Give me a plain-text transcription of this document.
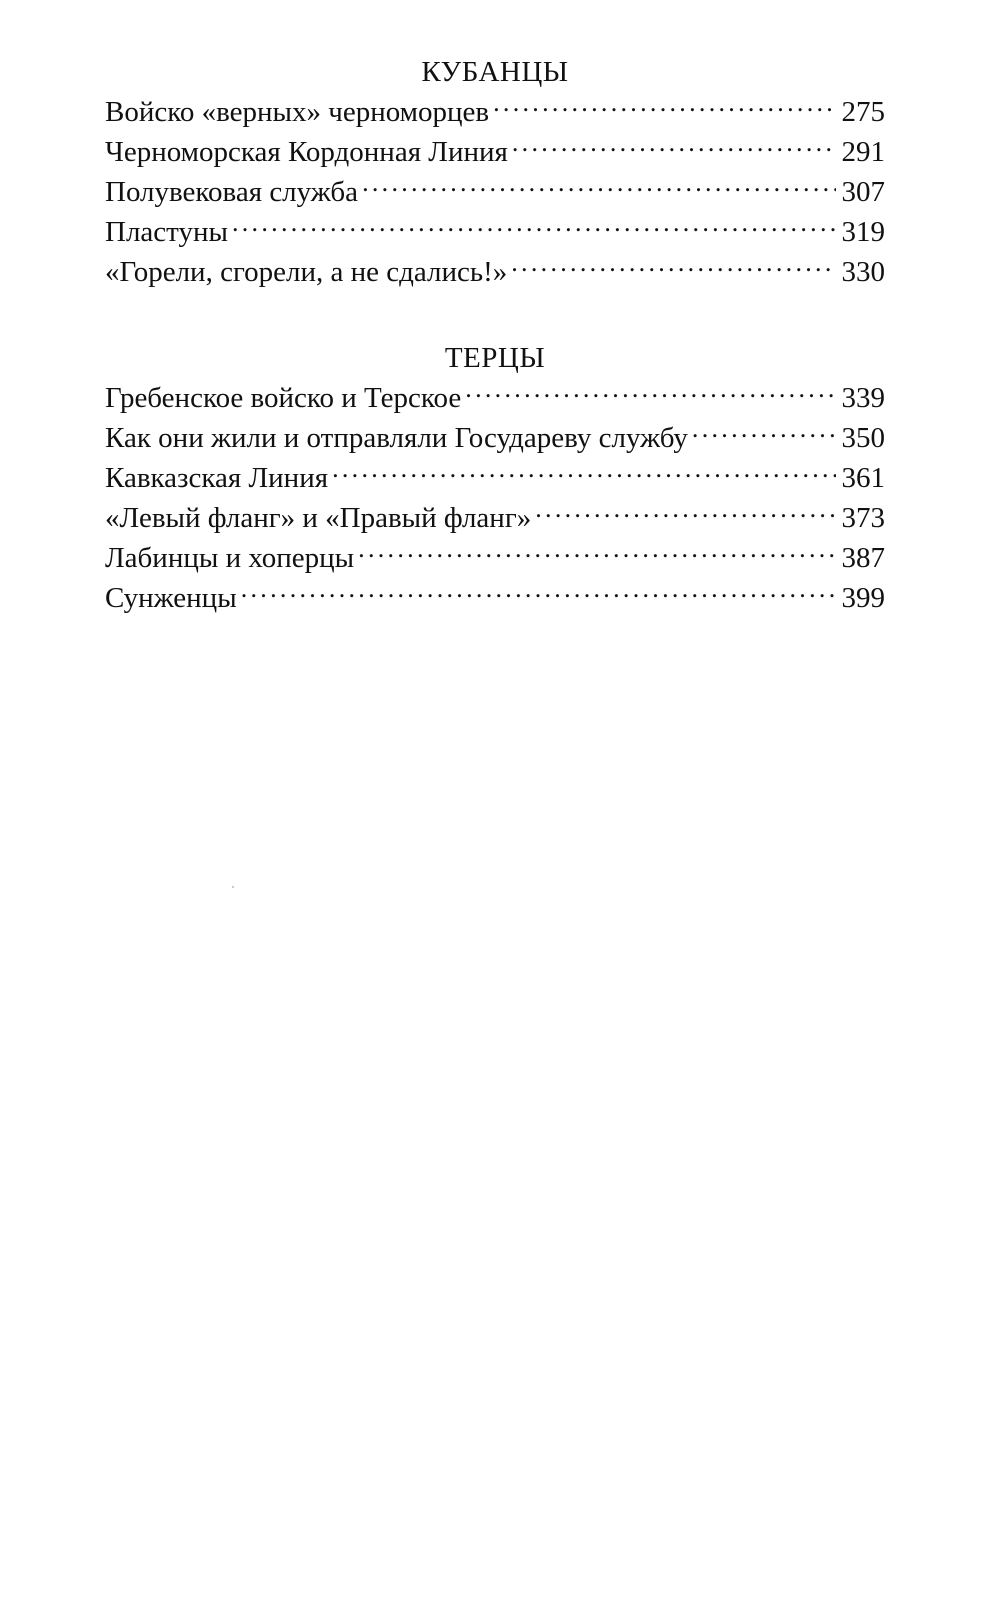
КУБАНЦЫ
Войско «верных» черноморцев .....	275
Черноморская Кордонная Линия .....	291
Полувековая служба .....	307
Пластуны .....	319
«Горели, сгорели, а не сдались!» .....	330
ТЕРЦЫ
Гребенское войско и Терское .....	339
Как они жили и отправляли Государеву службу .....	350
Кавказская Линия .....	361
«Левый фланг» и «Правый фланг» .....	373
Лабинцы и хоперцы .....	387
Сунженцы .....	399
